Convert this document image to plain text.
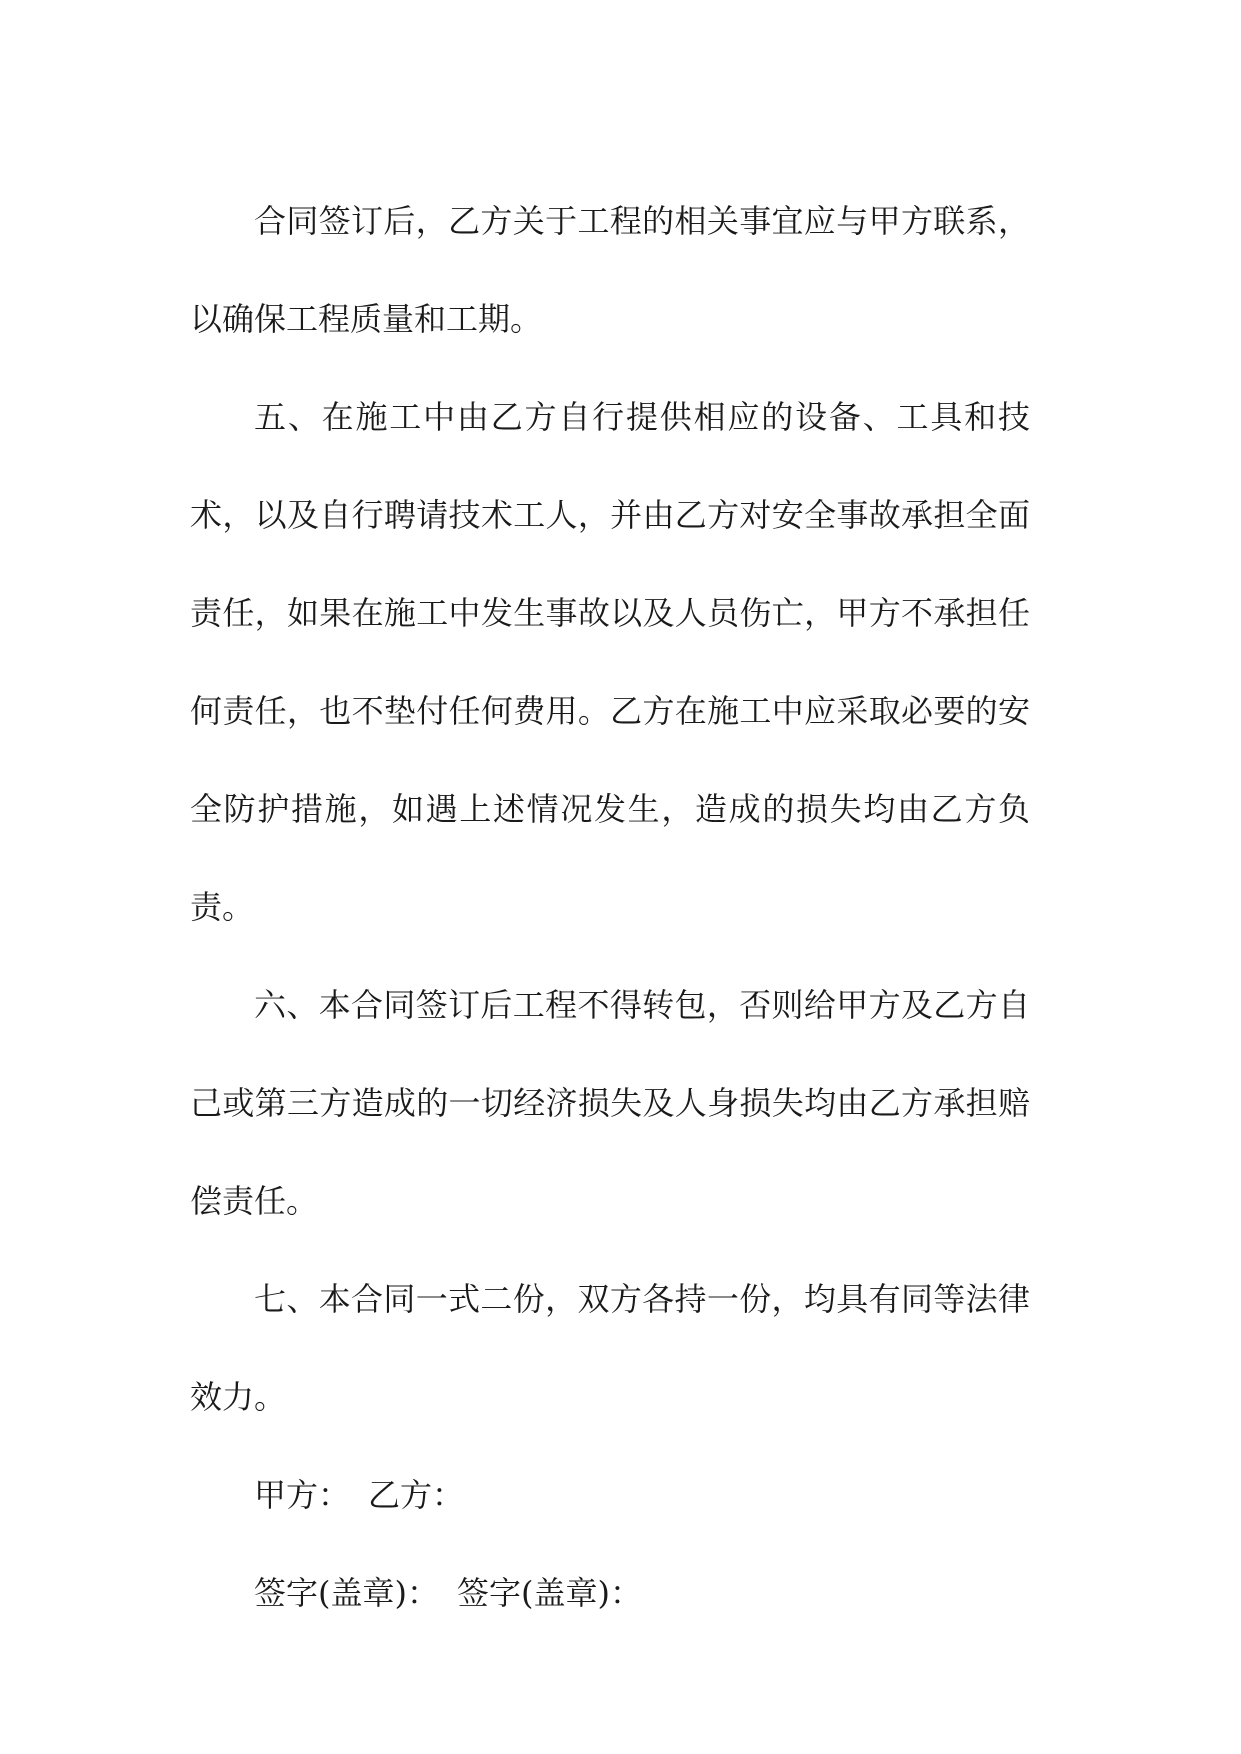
合同签订后，乙方关于工程的相关事宜应与甲方联系，以确保工程质量和工期。

五、在施工中由乙方自行提供相应的设备、工具和技术，以及自行聘请技术工人，并由乙方对安全事故承担全面责任，如果在施工中发生事故以及人员伤亡，甲方不承担任何责任，也不垫付任何费用。乙方在施工中应采取必要的安全防护措施，如遇上述情况发生，造成的损失均由乙方负责。

六、本合同签订后工程不得转包，否则给甲方及乙方自己或第三方造成的一切经济损失及人身损失均由乙方承担赔偿责任。

七、本合同一式二份，双方各持一份，均具有同等法律效力。

甲方： 乙方：

签字(盖章)： 签字(盖章)：
